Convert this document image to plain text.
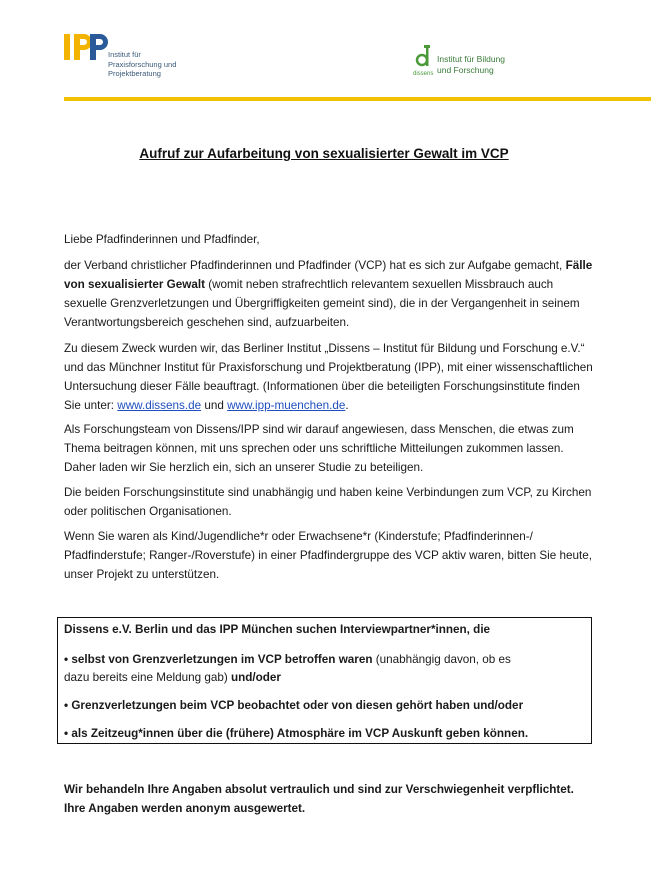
Institut für
Praxisforschung und
Projektberatung	dissens
Institut für Bildung
und Forschung
Aufruf zur Aufarbeitung von sexualisierter Gewalt im VCP
Liebe Pfadfinderinnen und Pfadfinder,

der Verband christlicher Pfadfinderinnen und Pfadfinder (VCP) hat es sich zur Aufgabe gemacht, Fälle von sexualisierter Gewalt (womit neben strafrechtlich relevantem sexuellen Missbrauch auch sexuelle Grenzverletzungen und Übergriffigkeiten gemeint sind), die in der Vergangenheit in seinem Verantwortungsbereich geschehen sind, aufzuarbeiten.

Zu diesem Zweck wurden wir, das Berliner Institut „Dissens – Institut für Bildung und Forschung e.V.“ und das Münchner Institut für Praxisforschung und Projektberatung (IPP), mit einer wissenschaftlichen Untersuchung dieser Fälle beauftragt. (Informationen über die beteiligten Forschungsinstitute finden Sie unter: www.dissens.de und www.ipp-muenchen.de.

Als Forschungsteam von Dissens/IPP sind wir darauf angewiesen, dass Menschen, die etwas zum Thema beitragen können, mit uns sprechen oder uns schriftliche Mitteilungen zukommen lassen. Daher laden wir Sie herzlich ein, sich an unserer Studie zu beteiligen.
Die beiden Forschungsinstitute sind unabhängig und haben keine Verbindungen zum VCP, zu Kirchen oder politischen Organisationen.
Wenn Sie waren als Kind/Jugendliche*r oder Erwachsene*r (Kinderstufe; Pfadfinderinnen-/ Pfadfinderstufe; Ranger-/Roverstufe) in einer Pfadfindergruppe des VCP aktiv waren, bitten Sie heute, unser Projekt zu unterstützen.
Dissens e.V. Berlin und das IPP München suchen Interviewpartner*innen, die
• selbst von Grenzverletzungen im VCP betroffen waren (unabhängig davon, ob es
dazu bereits eine Meldung gab) und/oder
• Grenzverletzungen beim VCP beobachtet oder von diesen gehört haben und/oder
• als Zeitzeug*innen über die (frühere) Atmosphäre im VCP Auskunft geben können.
Wir behandeln Ihre Angaben absolut vertraulich und sind zur Verschwiegenheit verpflichtet. Ihre Angaben werden anonym ausgewertet.
